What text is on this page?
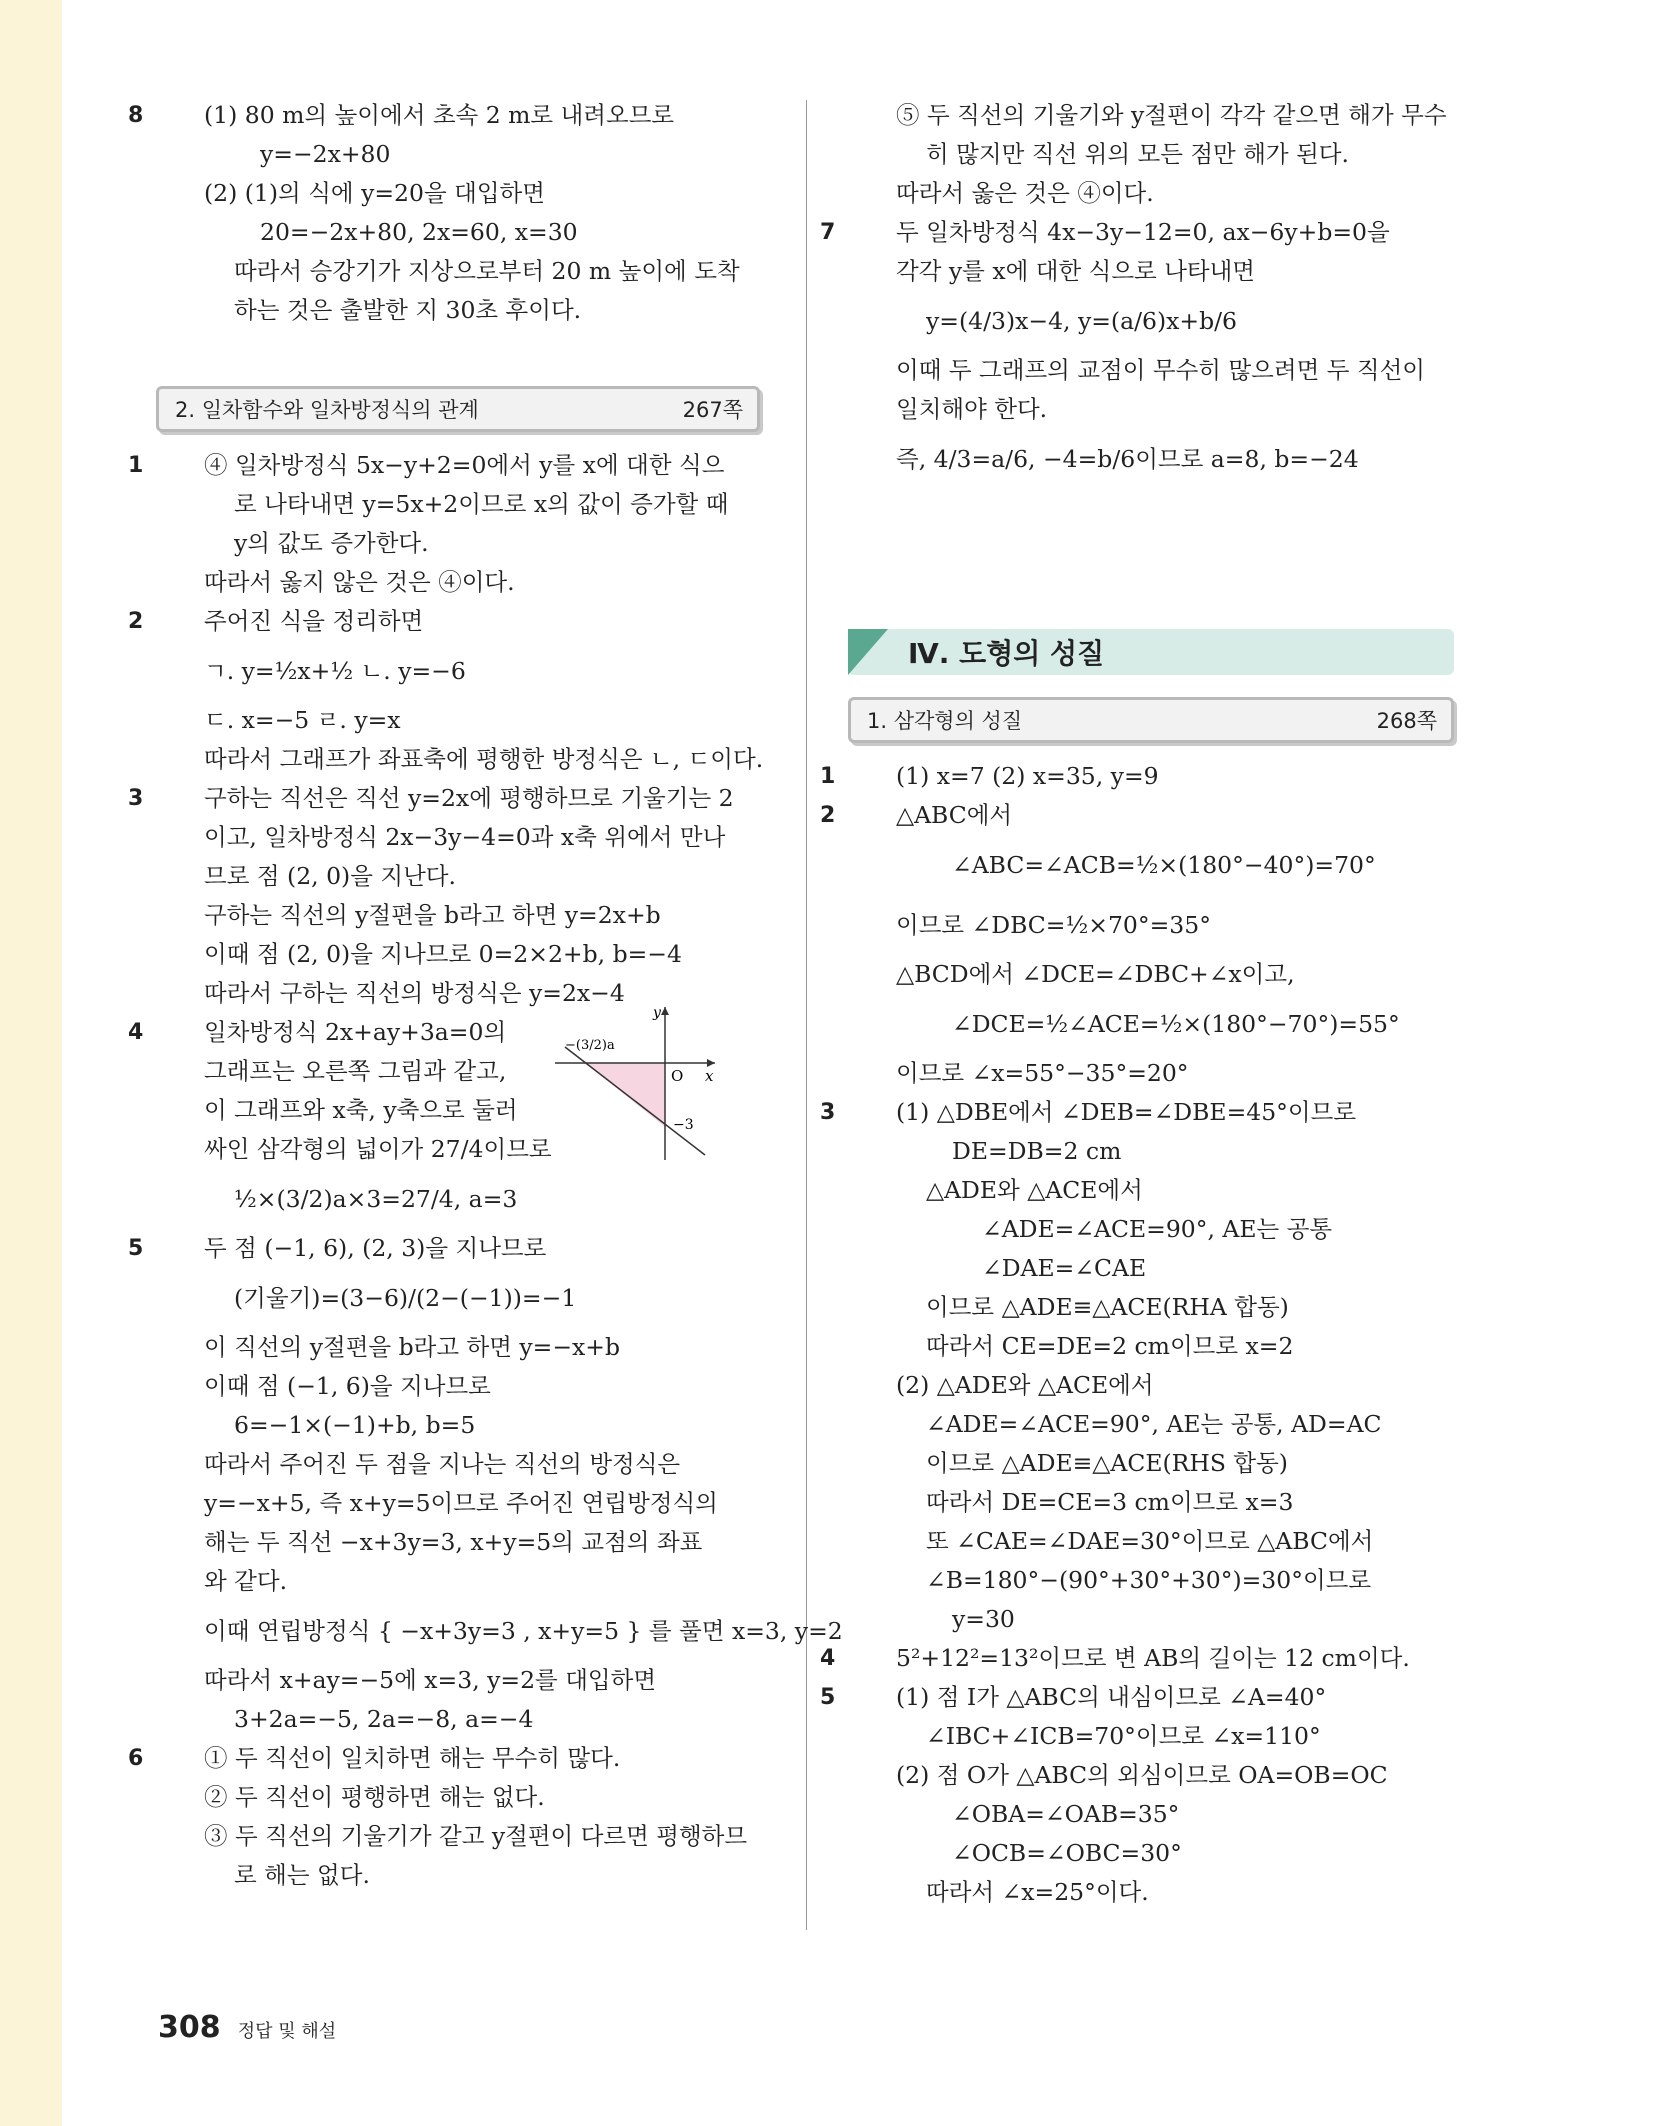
8	(1) 80 m의 높이에서 초속 2 m로 내려오므로
y=−2x+80
(2) (1)의 식에 y=20을 대입하면
20=−2x+80, 2x=60, x=30
따라서 승강기가 지상으로부터 20 m 높이에 도착
하는 것은 출발한 지 30초 후이다.
2. 일차함수와 일차방정식의 관계	267쪽
1	④ 일차방정식 5x−y+2=0에서 y를 x에 대한 식으
로 나타내면 y=5x+2이므로 x의 값이 증가할 때
y의 값도 증가한다.
따라서 옳지 않은 것은 ④이다.
2	주어진 식을 정리하면
ㄱ. y=½x+½ ㄴ. y=−6
ㄷ. x=−5 ㄹ. y=x
따라서 그래프가 좌표축에 평행한 방정식은 ㄴ, ㄷ이다.
3	구하는 직선은 직선 y=2x에 평행하므로 기울기는 2
이고, 일차방정식 2x−3y−4=0과 x축 위에서 만나
므로 점 (2, 0)을 지난다.
구하는 직선의 y절편을 b라고 하면 y=2x+b
이때 점 (2, 0)을 지나므로 0=2×2+b, b=−4
따라서 구하는 직선의 방정식은 y=2x−4
4	일차방정식 2x+ay+3a=0의
y
x
O
−3
−(3/2)a
그래프는 오른쪽 그림과 같고,
이 그래프와 x축, y축으로 둘러
싸인 삼각형의 넓이가 27/4이므로
½×(3/2)a×3=27/4, a=3
5	두 점 (−1, 6), (2, 3)을 지나므로
(기울기)=(3−6)/(2−(−1))=−1
이 직선의 y절편을 b라고 하면 y=−x+b
이때 점 (−1, 6)을 지나므로
6=−1×(−1)+b, b=5
따라서 주어진 두 점을 지나는 직선의 방정식은
y=−x+5, 즉 x+y=5이므로 주어진 연립방정식의
해는 두 직선 −x+3y=3, x+y=5의 교점의 좌표
와 같다.
이때 연립방정식 { −x+3y=3 , x+y=5 } 를 풀면 x=3, y=2
따라서 x+ay=−5에 x=3, y=2를 대입하면
3+2a=−5, 2a=−8, a=−4
6	① 두 직선이 일치하면 해는 무수히 많다.
② 두 직선이 평행하면 해는 없다.
③ 두 직선의 기울기가 같고 y절편이 다르면 평행하므
로 해는 없다.
⑤ 두 직선의 기울기와 y절편이 각각 같으면 해가 무수
히 많지만 직선 위의 모든 점만 해가 된다.
따라서 옳은 것은 ④이다.
7	두 일차방정식 4x−3y−12=0, ax−6y+b=0을
각각 y를 x에 대한 식으로 나타내면
y=(4/3)x−4, y=(a/6)x+b/6
이때 두 그래프의 교점이 무수히 많으려면 두 직선이
일치해야 한다.
즉, 4/3=a/6, −4=b/6이므로 a=8, b=−24
Ⅳ. 도형의 성질
1. 삼각형의 성질	268쪽
1	(1) x=7 (2) x=35, y=9
2	△ABC에서
∠ABC=∠ACB=½×(180°−40°)=70°
이므로 ∠DBC=½×70°=35°
△BCD에서 ∠DCE=∠DBC+∠x이고,
∠DCE=½∠ACE=½×(180°−70°)=55°
이므로 ∠x=55°−35°=20°
3	(1) △DBE에서 ∠DEB=∠DBE=45°이므로
DE=DB=2 cm
△ADE와 △ACE에서
∠ADE=∠ACE=90°, AE는 공통
∠DAE=∠CAE
이므로 △ADE≡△ACE(RHA 합동)
따라서 CE=DE=2 cm이므로 x=2
(2) △ADE와 △ACE에서
∠ADE=∠ACE=90°, AE는 공통, AD=AC
이므로 △ADE≡△ACE(RHS 합동)
따라서 DE=CE=3 cm이므로 x=3
또 ∠CAE=∠DAE=30°이므로 △ABC에서
∠B=180°−(90°+30°+30°)=30°이므로
y=30
4	5²+12²=13²이므로 변 AB의 길이는 12 cm이다.
5	(1) 점 I가 △ABC의 내심이므로 ∠A=40°
∠IBC+∠ICB=70°이므로 ∠x=110°
(2) 점 O가 △ABC의 외심이므로 OA=OB=OC
∠OBA=∠OAB=35°
∠OCB=∠OBC=30°
따라서 ∠x=25°이다.
308 정답 및 해설
